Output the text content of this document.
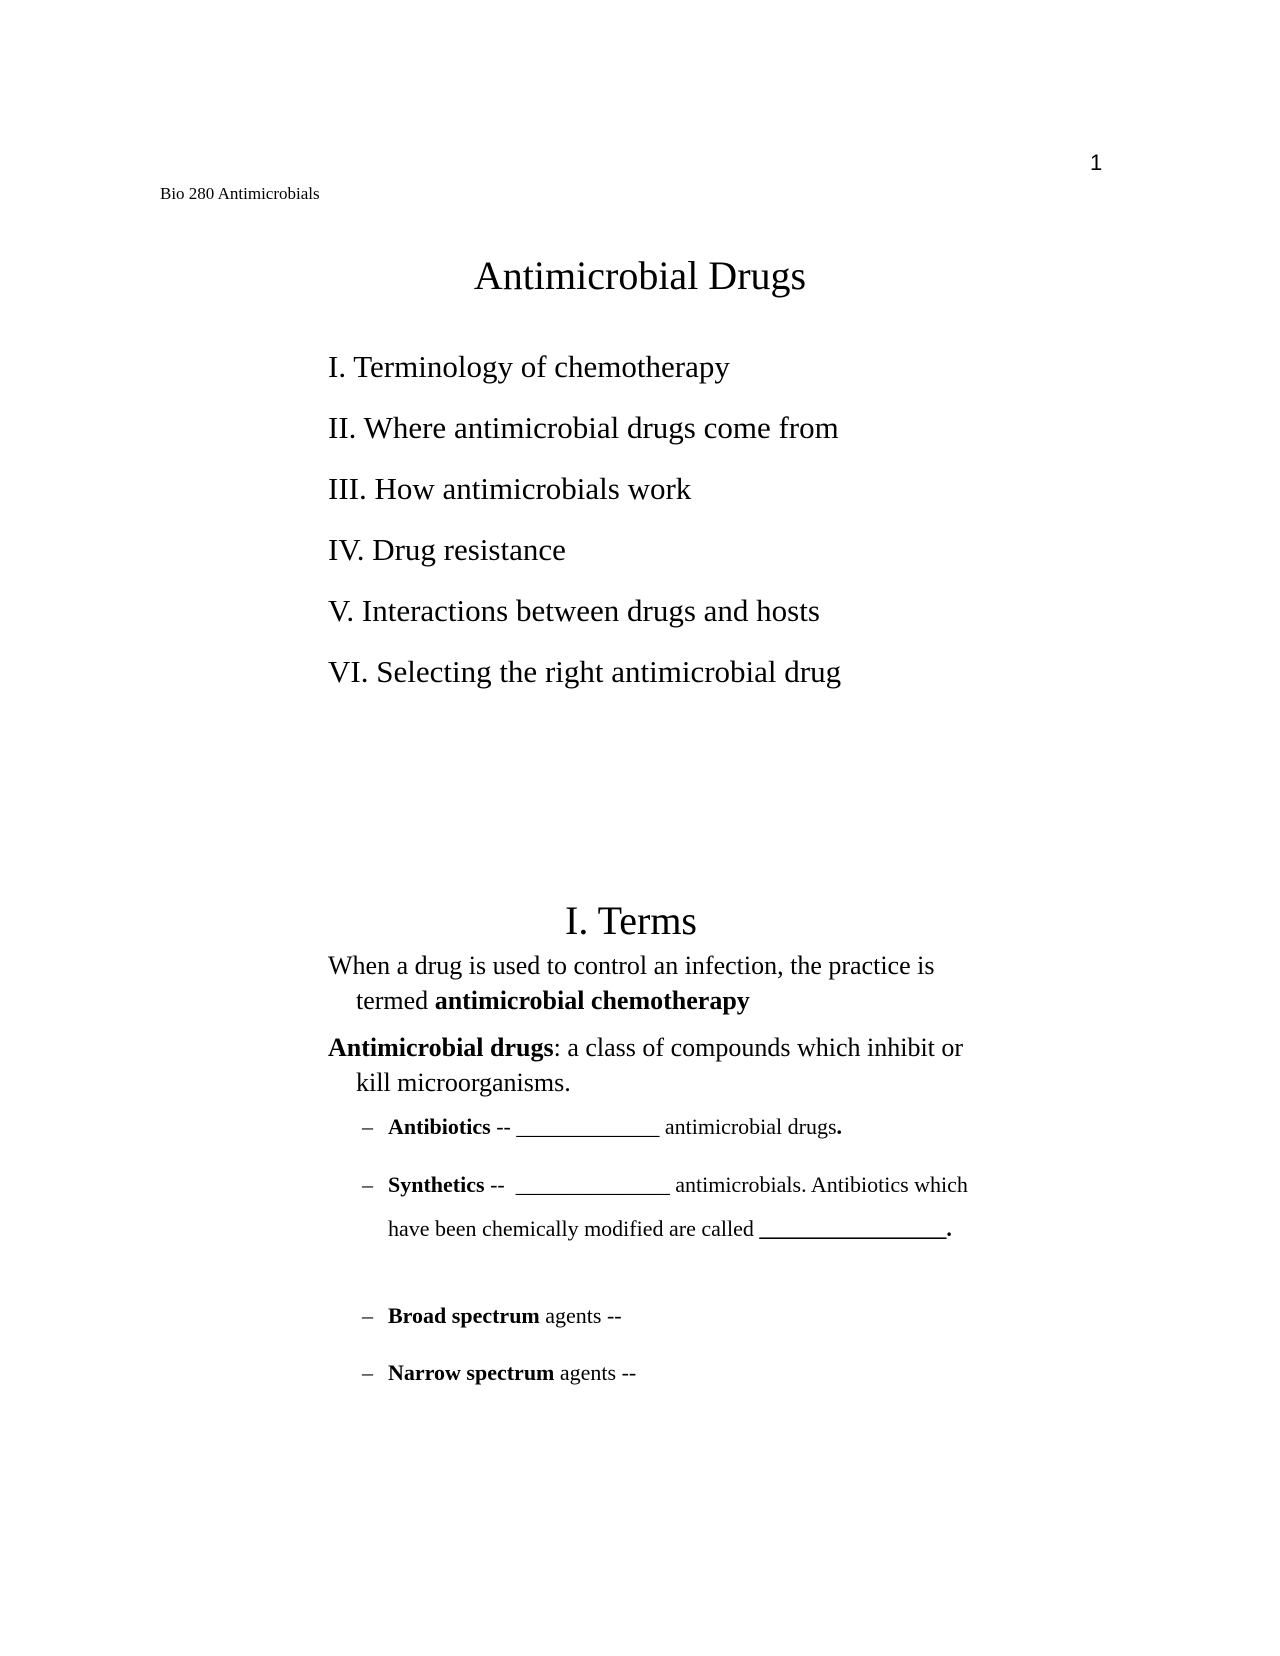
1
Bio 280 Antimicrobials
Antimicrobial Drugs
I. Terminology of chemotherapy
II. Where antimicrobial drugs come from
III. How antimicrobials work
IV. Drug resistance
V. Interactions between drugs and hosts
VI. Selecting the right antimicrobial drug
I. Terms
When a drug is used to control an infection, the practice is termed antimicrobial chemotherapy
Antimicrobial drugs: a class of compounds which inhibit or kill microorganisms.
– Antibiotics -- _____________ antimicrobial drugs.
– Synthetics --  ______________ antimicrobials. Antibiotics which have been chemically modified are called _________________.
– Broad spectrum agents --
– Narrow spectrum agents --
